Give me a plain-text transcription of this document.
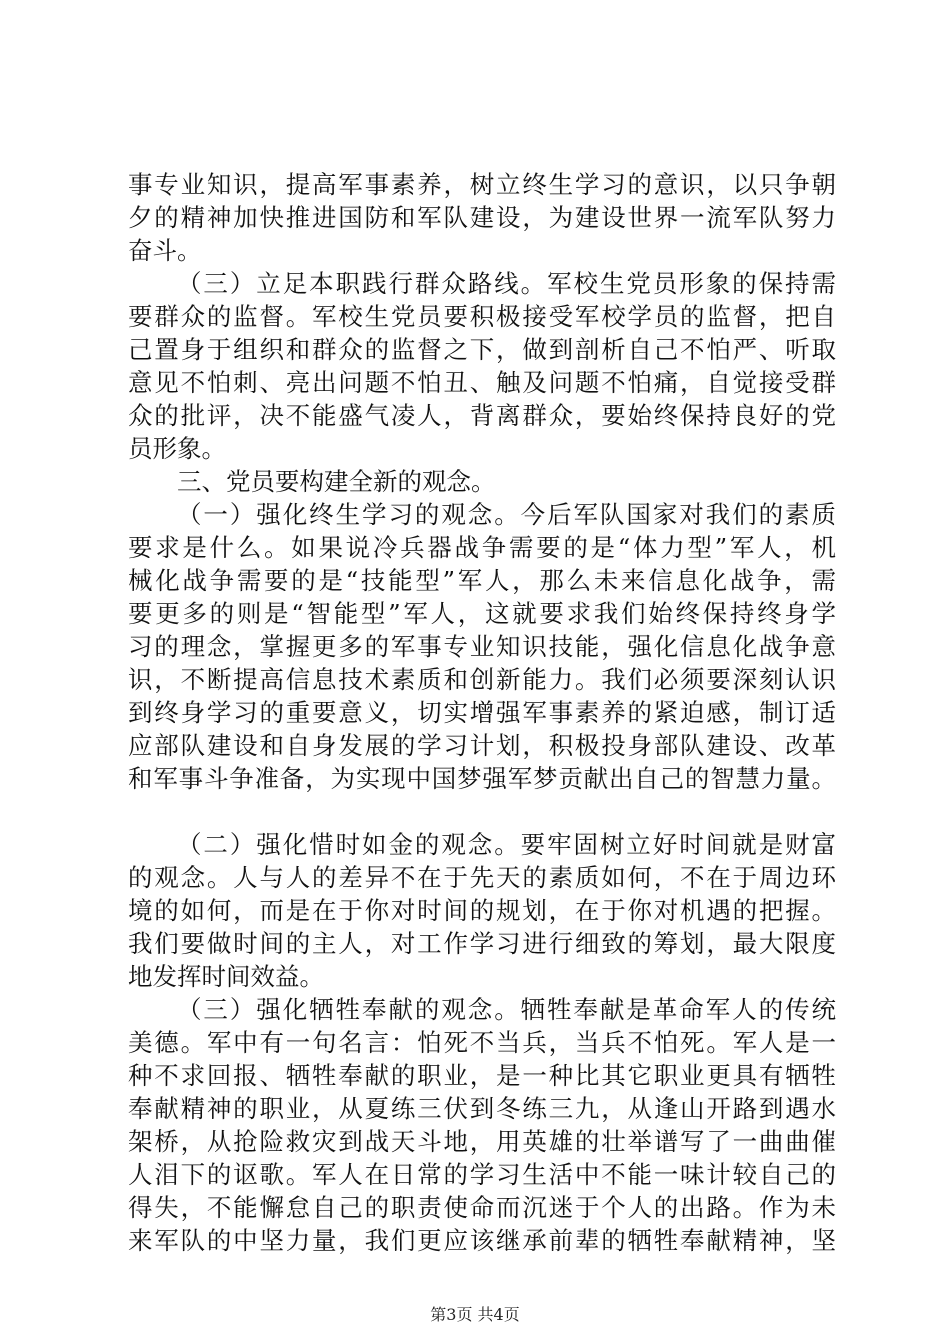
事专业知识，提高军事素养，树立终生学习的意识，以只争朝
夕的精神加快推进国防和军队建设，为建设世界一流军队努力
奋斗。
（三）立足本职践行群众路线。军校生党员形象的保持需
要群众的监督。军校生党员要积极接受军校学员的监督，把自
己置身于组织和群众的监督之下，做到剖析自己不怕严、听取
意见不怕刺、亮出问题不怕丑、触及问题不怕痛，自觉接受群
众的批评，决不能盛气凌人，背离群众，要始终保持良好的党
员形象。
三、党员要构建全新的观念。
（一）强化终生学习的观念。今后军队国家对我们的素质
要求是什么。如果说冷兵器战争需要的是“体力型”军人，机
械化战争需要的是“技能型”军人，那么未来信息化战争，需
要更多的则是“智能型”军人，这就要求我们始终保持终身学
习的理念，掌握更多的军事专业知识技能，强化信息化战争意
识，不断提高信息技术素质和创新能力。我们必须要深刻认识
到终身学习的重要意义，切实增强军事素养的紧迫感，制订适
应部队建设和自身发展的学习计划，积极投身部队建设、改革
和军事斗争准备，为实现中国梦强军梦贡献出自己的智慧力量。
（二）强化惜时如金的观念。要牢固树立好时间就是财富
的观念。人与人的差异不在于先天的素质如何，不在于周边环
境的如何，而是在于你对时间的规划，在于你对机遇的把握。
我们要做时间的主人，对工作学习进行细致的筹划，最大限度
地发挥时间效益。
（三）强化牺牲奉献的观念。牺牲奉献是革命军人的传统
美德。军中有一句名言：怕死不当兵，当兵不怕死。军人是一
种不求回报、牺牲奉献的职业，是一种比其它职业更具有牺牲
奉献精神的职业，从夏练三伏到冬练三九，从逢山开路到遇水
架桥，从抢险救灾到战天斗地，用英雄的壮举谱写了一曲曲催
人泪下的讴歌。军人在日常的学习生活中不能一味计较自己的
得失，不能懈怠自己的职责使命而沉迷于个人的出路。作为未
来军队的中坚力量，我们更应该继承前辈的牺牲奉献精神，坚
第3页 共4页
